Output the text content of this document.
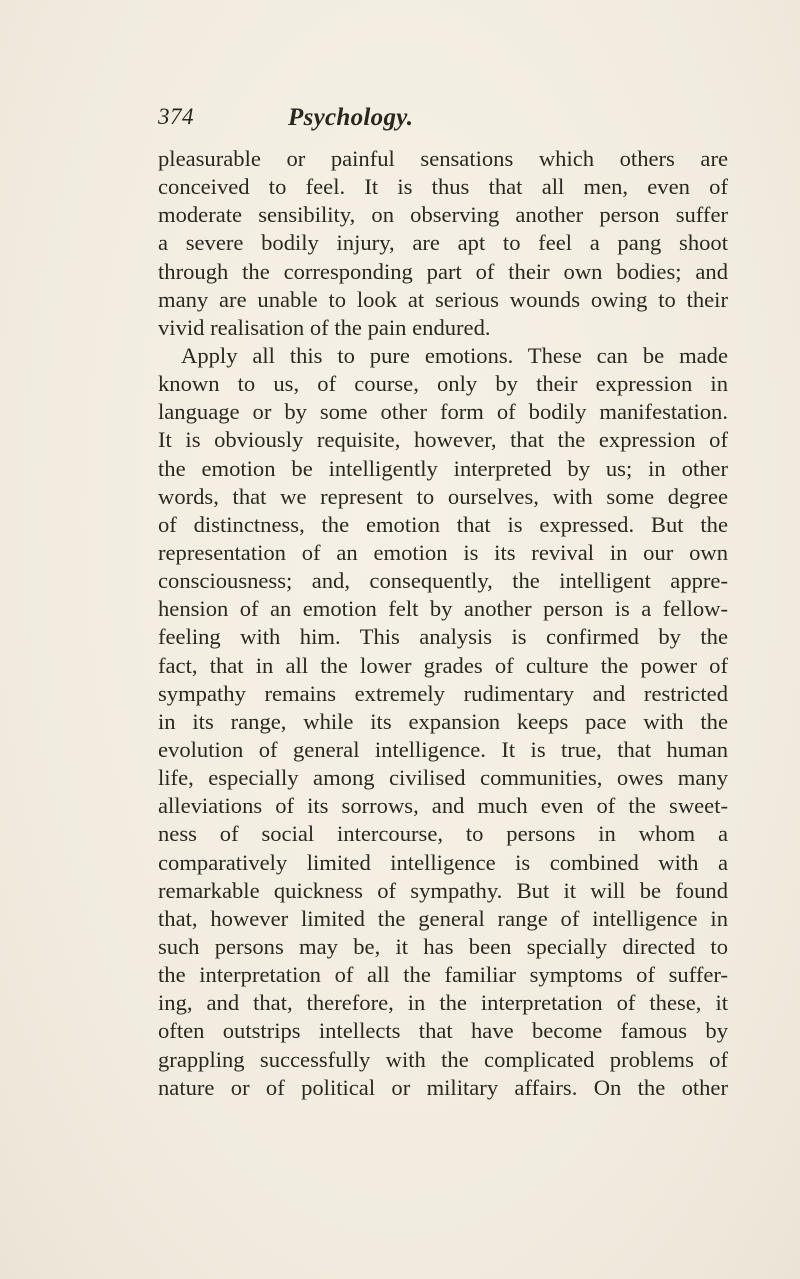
374	Psychology.
pleasurable or painful sensations which others are
conceived to feel. It is thus that all men, even of
moderate sensibility, on observing another person suffer
a severe bodily injury, are apt to feel a pang shoot
through the corresponding part of their own bodies; and
many are unable to look at serious wounds owing to their
vivid realisation of the pain endured.
Apply all this to pure emotions. These can be made
known to us, of course, only by their expression in
language or by some other form of bodily manifestation.
It is obviously requisite, however, that the expression of
the emotion be intelligently interpreted by us; in other
words, that we represent to ourselves, with some degree
of distinctness, the emotion that is expressed. But the
representation of an emotion is its revival in our own
consciousness; and, consequently, the intelligent appre-
hension of an emotion felt by another person is a fellow-
feeling with him. This analysis is confirmed by the
fact, that in all the lower grades of culture the power of
sympathy remains extremely rudimentary and restricted
in its range, while its expansion keeps pace with the
evolution of general intelligence. It is true, that human
life, especially among civilised communities, owes many
alleviations of its sorrows, and much even of the sweet-
ness of social intercourse, to persons in whom a
comparatively limited intelligence is combined with a
remarkable quickness of sympathy. But it will be found
that, however limited the general range of intelligence in
such persons may be, it has been specially directed to
the interpretation of all the familiar symptoms of suffer-
ing, and that, therefore, in the interpretation of these, it
often outstrips intellects that have become famous by
grappling successfully with the complicated problems of
nature or of political or military affairs. On the other
